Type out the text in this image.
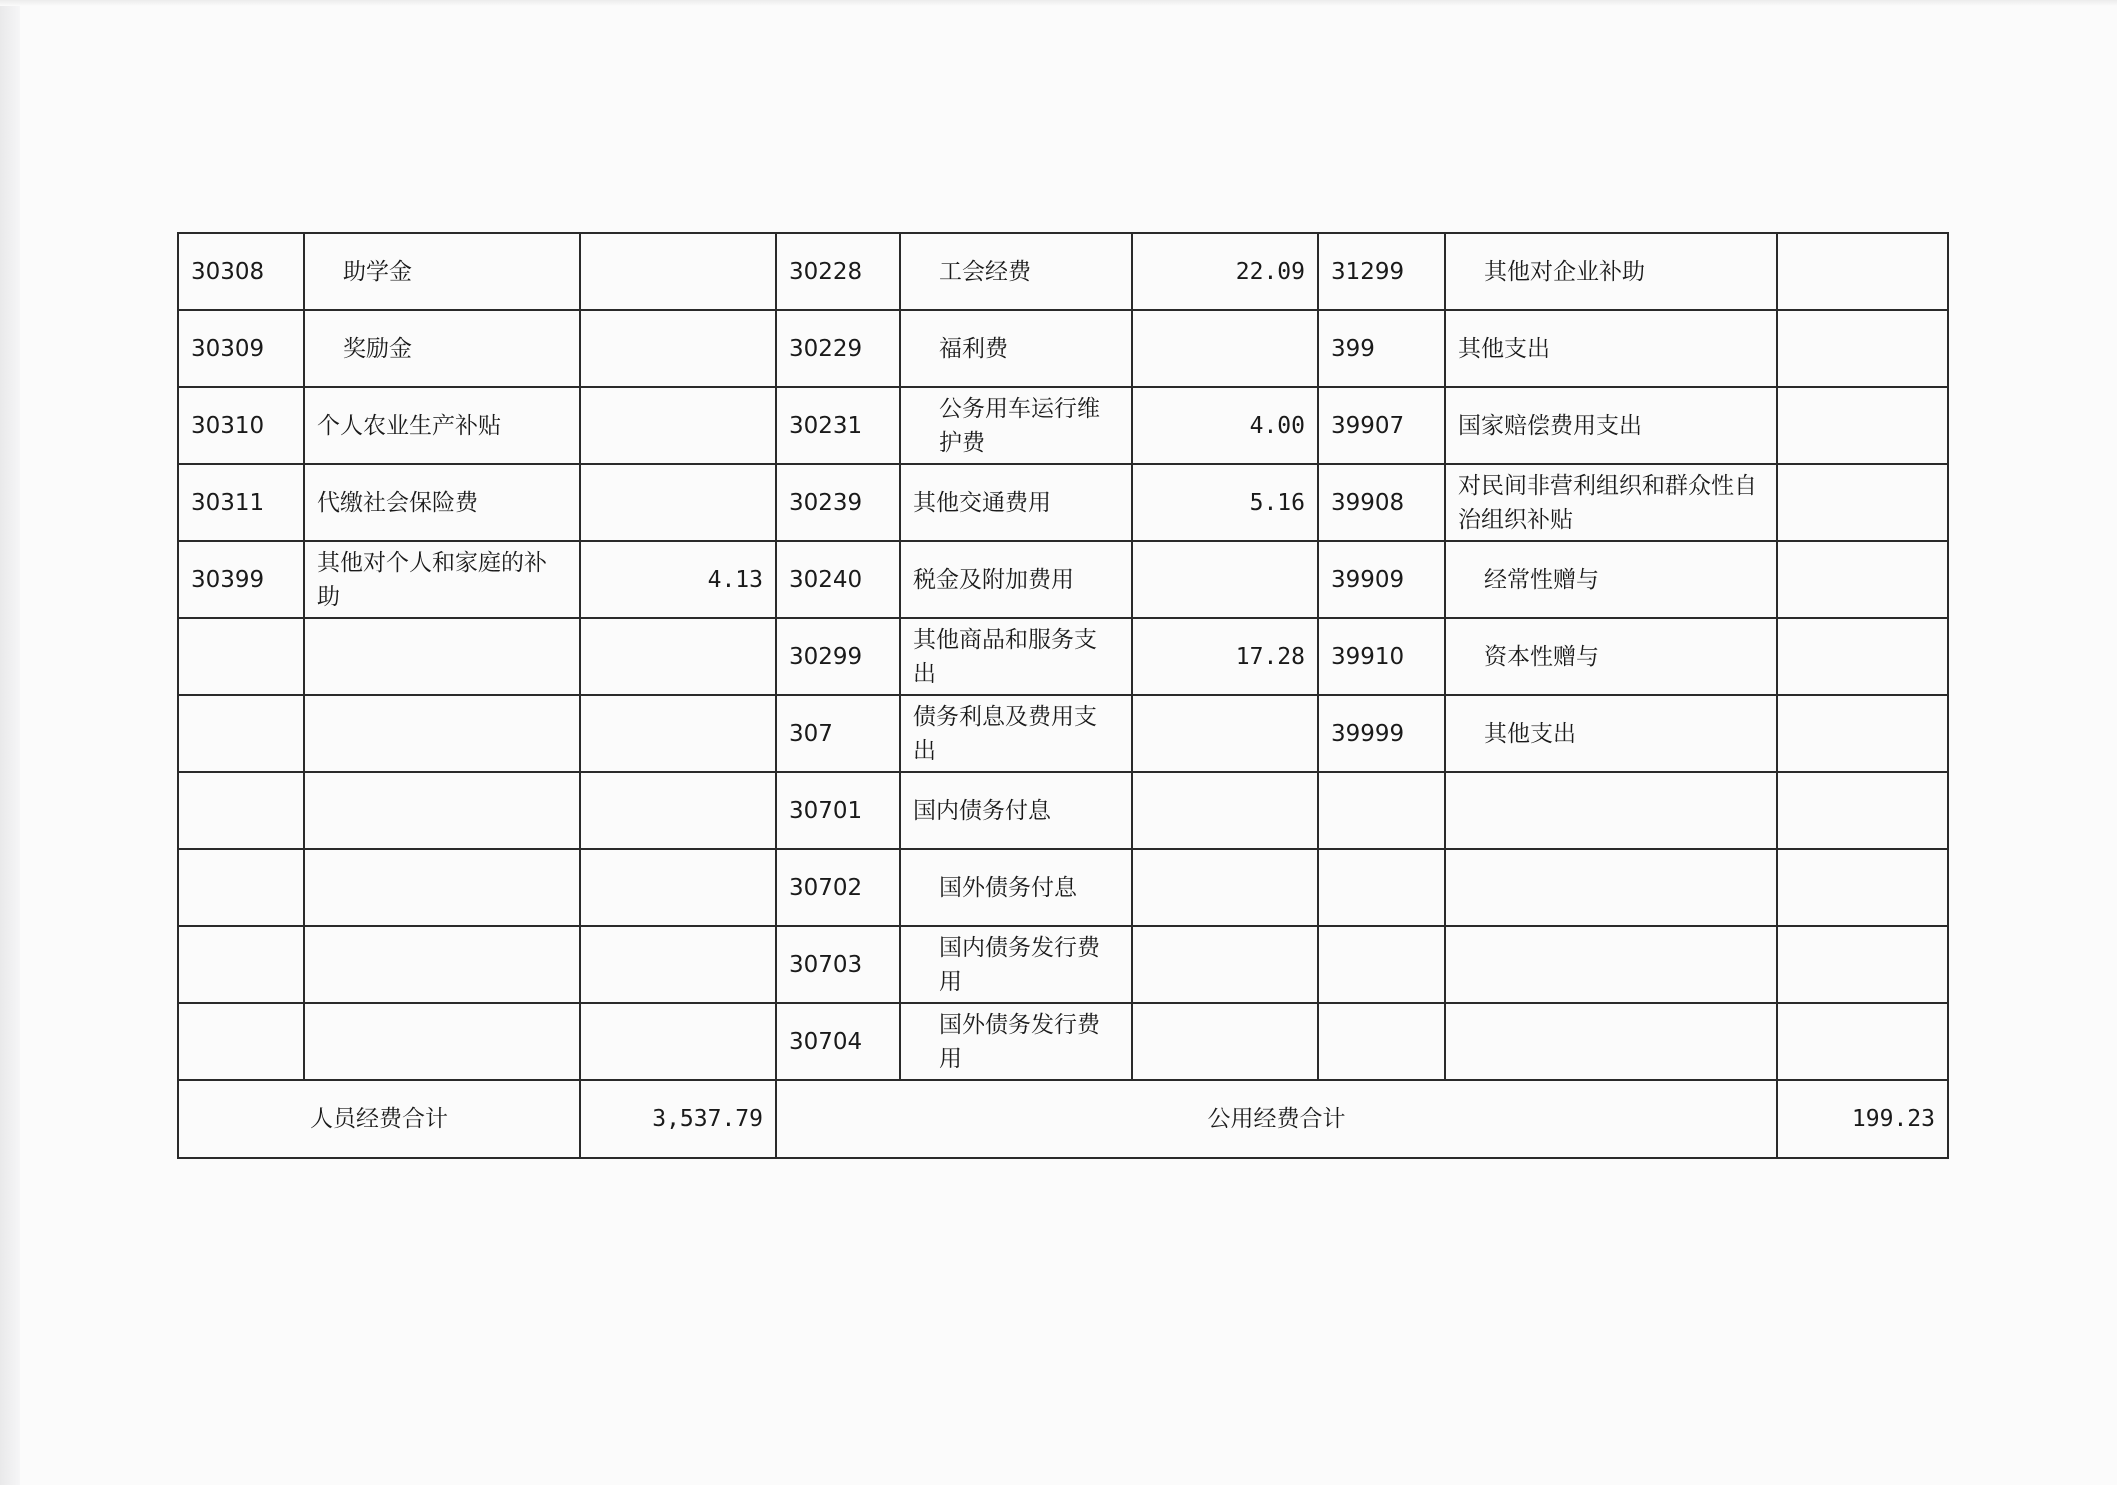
30308	助学金		30228	工会经费	22.09	31299	其他对企业补助	
30309	奖励金		30229	福利费		399	其他支出	
30310	个人农业生产补贴		30231	公务用车运行维护费	4.00	39907	国家赔偿费用支出	
30311	代缴社会保险费		30239	其他交通费用	5.16	39908	对民间非营利组织和群众性自治组织补贴	
30399	其他对个人和家庭的补助	4.13	30240	税金及附加费用		39909	经常性赠与	
			30299	其他商品和服务支出	17.28	39910	资本性赠与	
			307	债务利息及费用支出		39999	其他支出	
			30701	国内债务付息				
			30702	国外债务付息				
			30703	国内债务发行费用				
			30704	国外债务发行费用				
人员经费合计		3,537.79	公用经费合计					199.23
